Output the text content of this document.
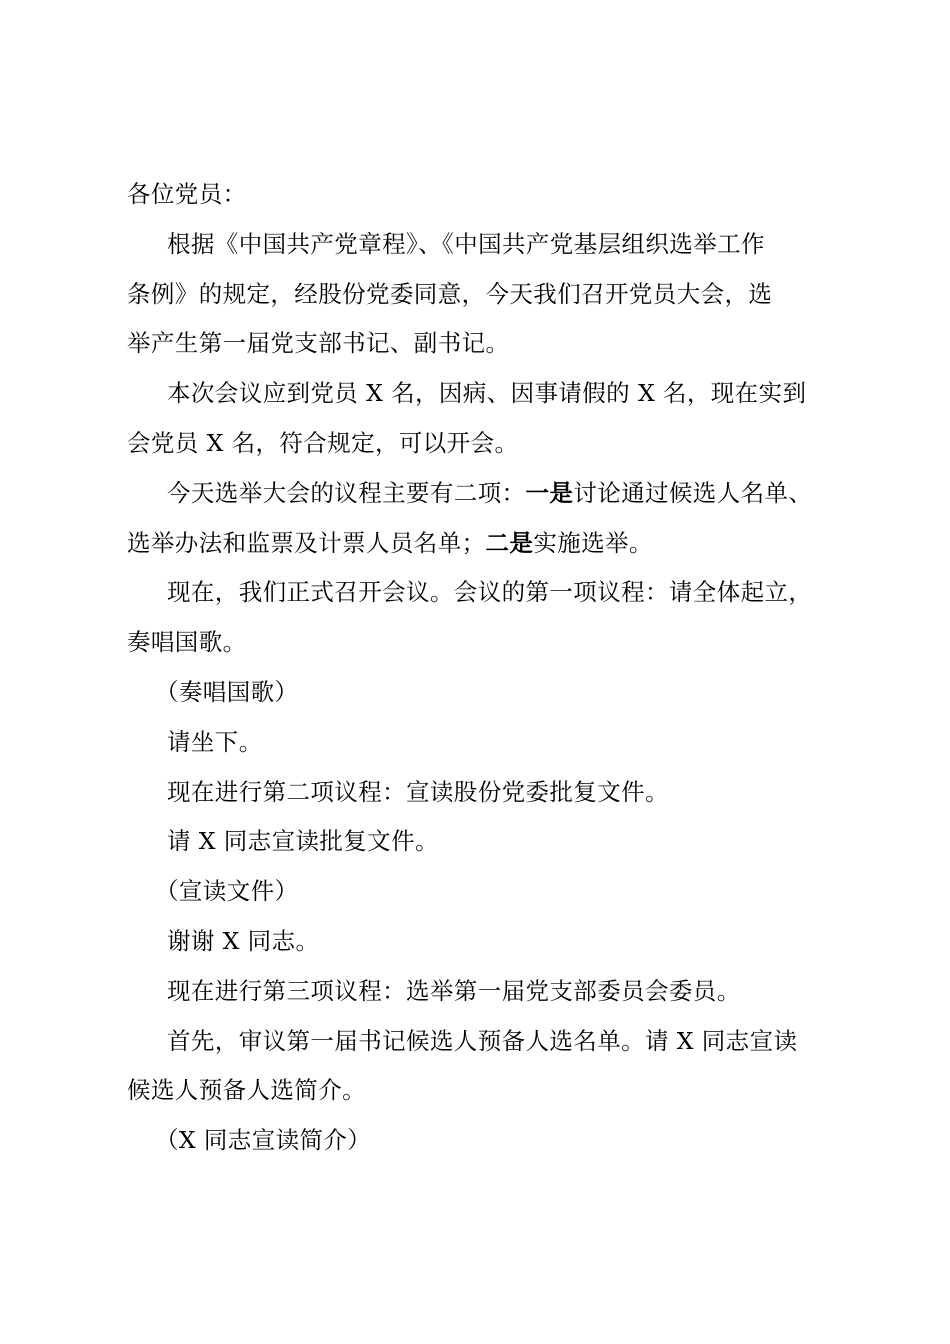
各位党员：
根据《中国共产党章程》、《中国共产党基层组织选举工作
条例》的规定，经股份党委同意，今天我们召开党员大会，选
举产生第一届党支部书记、副书记。
本次会议应到党员 X 名，因病、因事请假的 X 名，现在实到
会党员 X 名，符合规定，可以开会。
今天选举大会的议程主要有二项：一是讨论通过候选人名单、
选举办法和监票及计票人员名单；二是实施选举。
现在，我们正式召开会议。会议的第一项议程：请全体起立，
奏唱国歌。
（奏唱国歌）
请坐下。
现在进行第二项议程：宣读股份党委批复文件。
请 X 同志宣读批复文件。
（宣读文件）
谢谢 X 同志。
现在进行第三项议程：选举第一届党支部委员会委员。
首先，审议第一届书记候选人预备人选名单。请 X 同志宣读
候选人预备人选简介。
（X 同志宣读简介）
